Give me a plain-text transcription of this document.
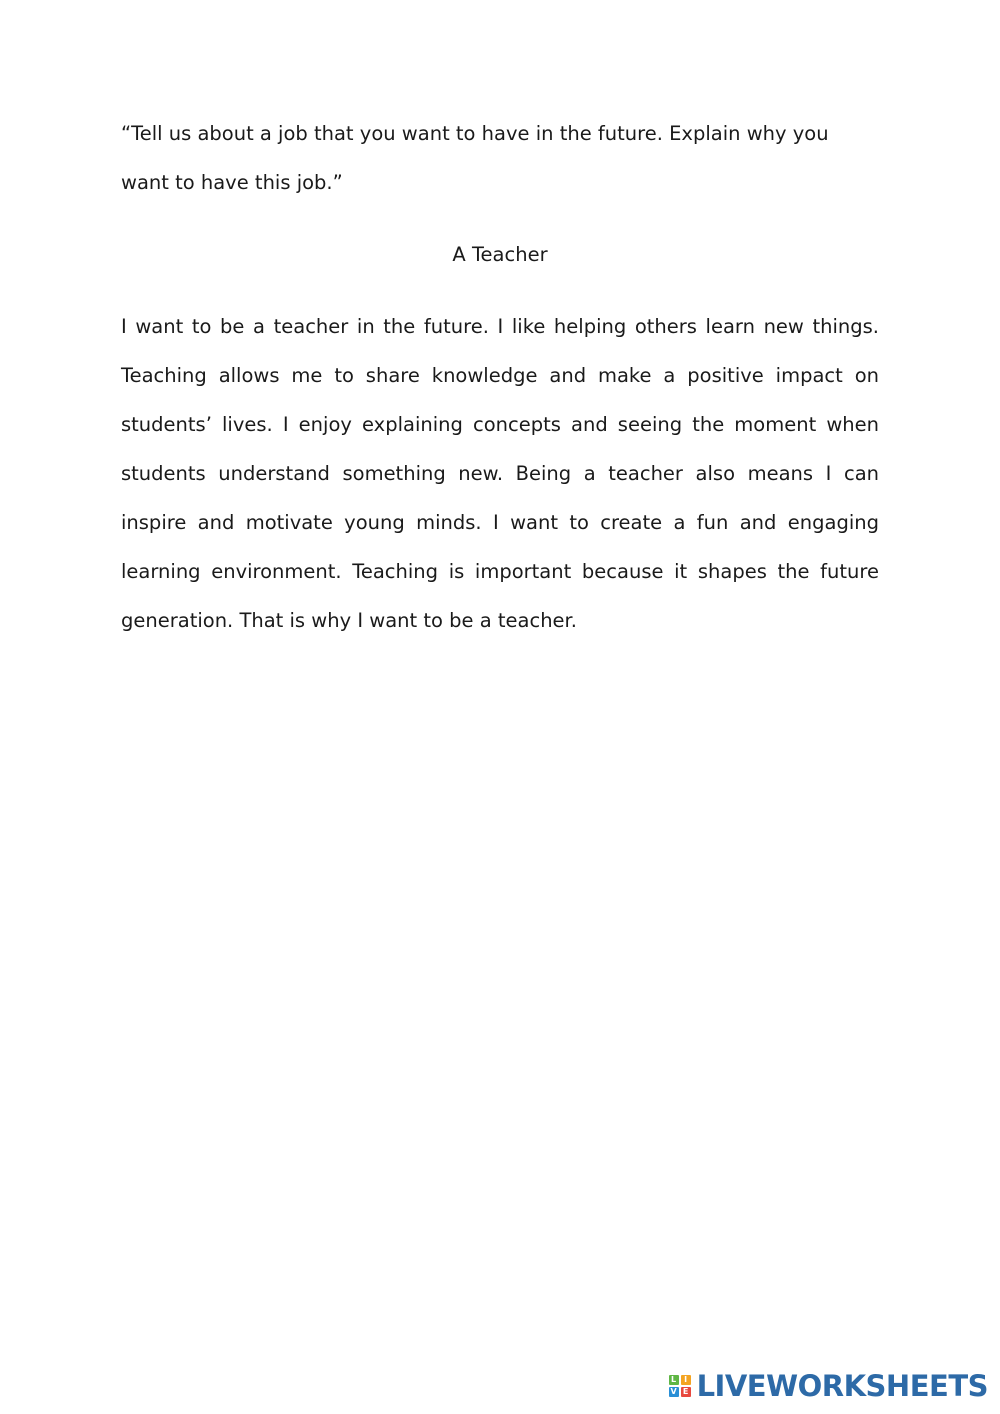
“Tell us about a job that you want to have in the future. Explain why you want to have this job.”

A Teacher

I want to be a teacher in the future. I like helping others learn new things. Teaching allows me to share knowledge and make a positive impact on students’ lives. I enjoy explaining concepts and seeing the moment when students understand something new. Being a teacher also means I can inspire and motivate young minds. I want to create a fun and engaging learning environment. Teaching is important because it shapes the future generation. That is why I want to be a teacher.

L I
V E LIVEWORKSHEETS
